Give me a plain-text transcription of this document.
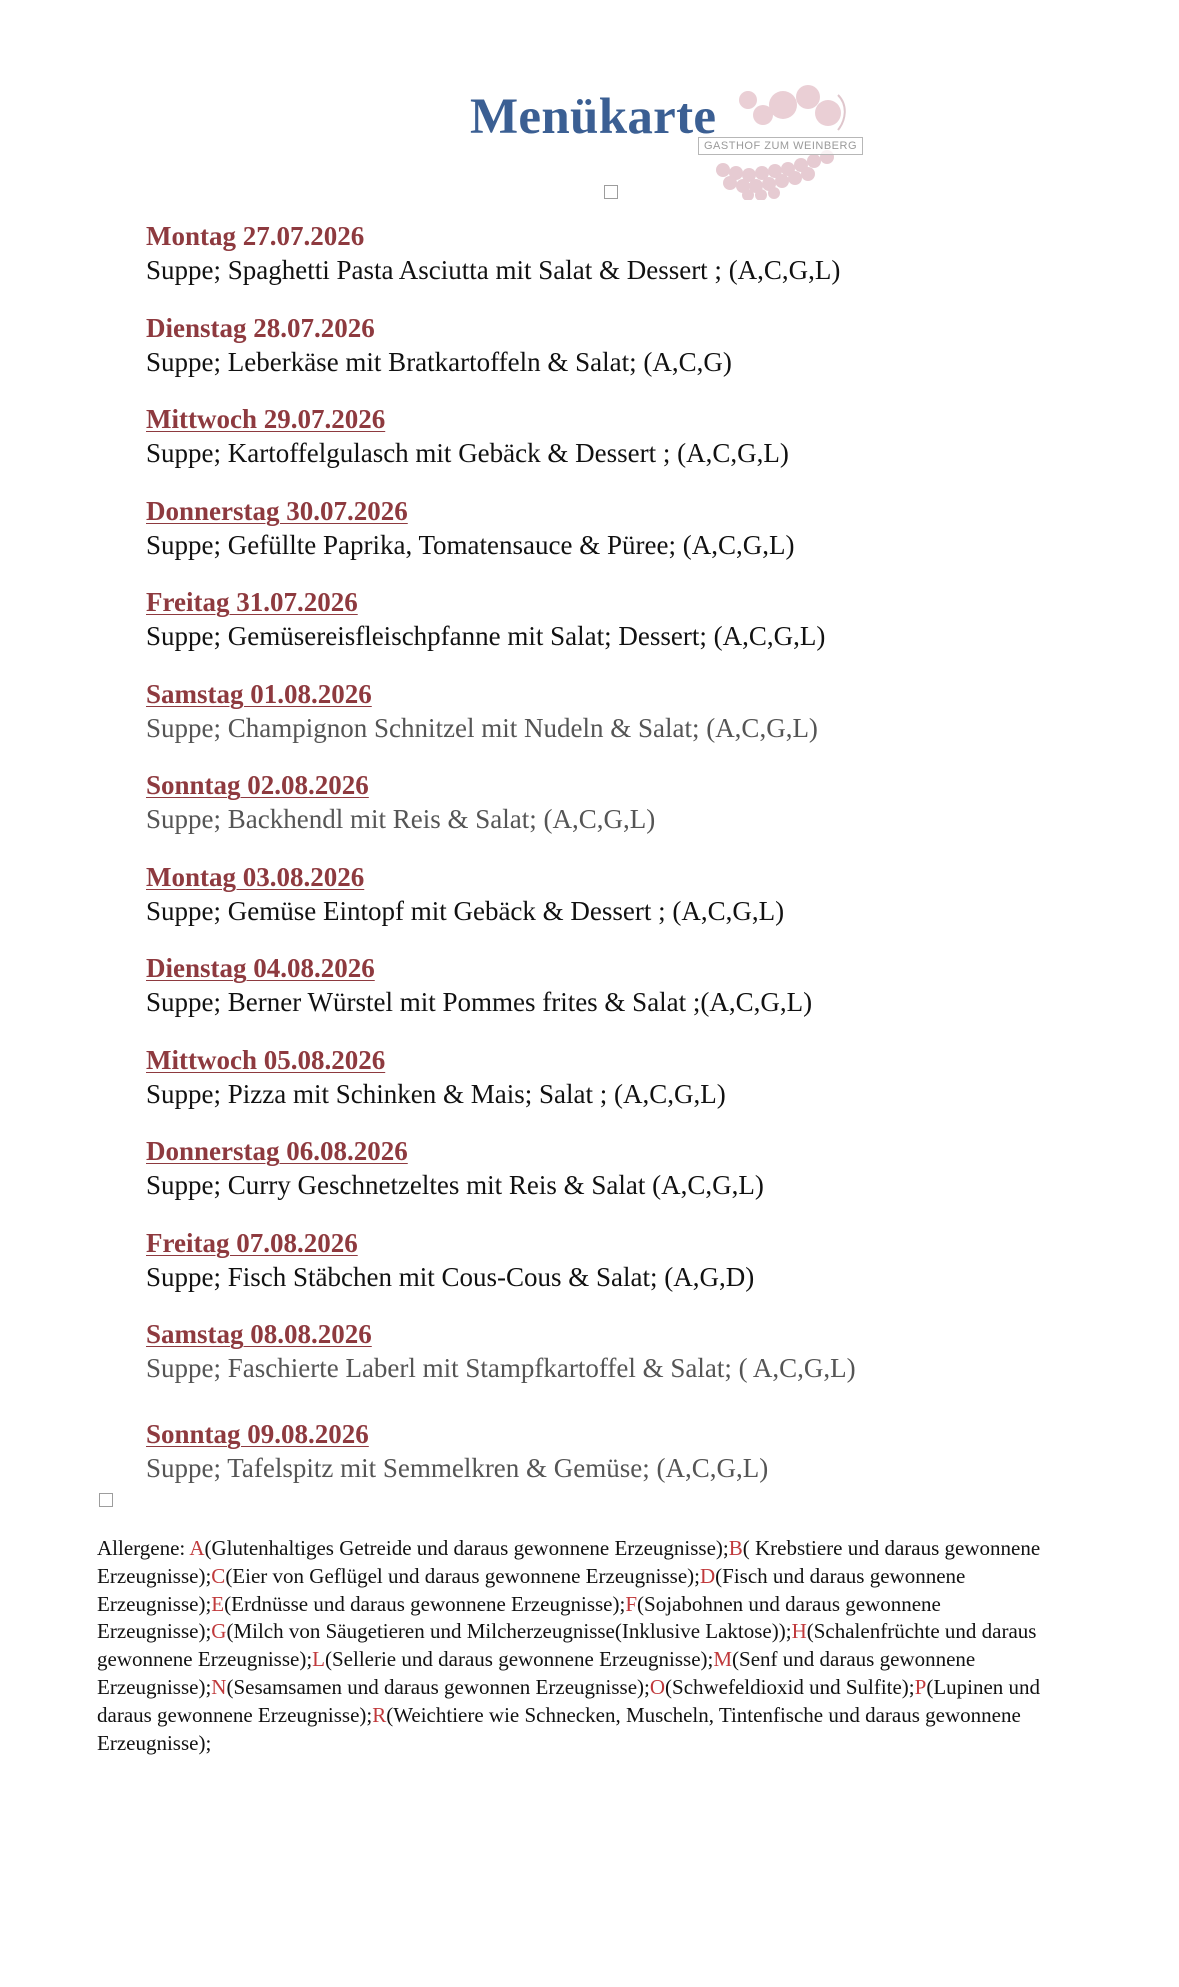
Menükarte
GASTHOF ZUM WEINBERG
Montag 27.07.2026
Suppe; Spaghetti Pasta Asciutta mit Salat & Dessert ; (A,C,G,L)
Dienstag 28.07.2026
Suppe; Leberkäse mit Bratkartoffeln & Salat; (A,C,G)
Mittwoch 29.07.2026
Suppe; Kartoffelgulasch mit Gebäck & Dessert ; (A,C,G,L)
Donnerstag 30.07.2026
Suppe; Gefüllte Paprika, Tomatensauce & Püree; (A,C,G,L)
Freitag 31.07.2026
Suppe; Gemüsereisfleischpfanne mit Salat; Dessert; (A,C,G,L)
Samstag 01.08.2026
Suppe; Champignon Schnitzel mit Nudeln & Salat; (A,C,G,L)
Sonntag 02.08.2026
Suppe; Backhendl mit Reis & Salat; (A,C,G,L)
Montag 03.08.2026
Suppe; Gemüse Eintopf mit Gebäck & Dessert ; (A,C,G,L)
Dienstag 04.08.2026
Suppe; Berner Würstel mit Pommes frites & Salat ;(A,C,G,L)
Mittwoch 05.08.2026
Suppe; Pizza mit Schinken & Mais; Salat ; (A,C,G,L)
Donnerstag 06.08.2026
Suppe; Curry Geschnetzeltes mit Reis & Salat (A,C,G,L)
Freitag 07.08.2026
Suppe; Fisch Stäbchen mit Cous-Cous & Salat; (A,G,D)
Samstag 08.08.2026
Suppe; Faschierte Laberl mit Stampfkartoffel & Salat; ( A,C,G,L)
Sonntag 09.08.2026
Suppe; Tafelspitz mit Semmelkren & Gemüse; (A,C,G,L)

Allergene: A(Glutenhaltiges Getreide und daraus gewonnene Erzeugnisse);B( Krebstiere und daraus gewonnene Erzeugnisse);C(Eier von Geflügel und daraus gewonnene Erzeugnisse);D(Fisch und daraus gewonnene Erzeugnisse);E(Erdnüsse und daraus gewonnene Erzeugnisse);F(Sojabohnen und daraus gewonnene Erzeugnisse);G(Milch von Säugetieren und Milcherzeugnisse(Inklusive Laktose));H(Schalenfrüchte und daraus gewonnene Erzeugnisse);L(Sellerie und daraus gewonnene Erzeugnisse);M(Senf und daraus gewonnene Erzeugnisse);N(Sesamsamen und daraus gewonnen Erzeugnisse);O(Schwefeldioxid und Sulfite);P(Lupinen und daraus gewonnene Erzeugnisse);R(Weichtiere wie Schnecken, Muscheln, Tintenfische und daraus gewonnene Erzeugnisse);
